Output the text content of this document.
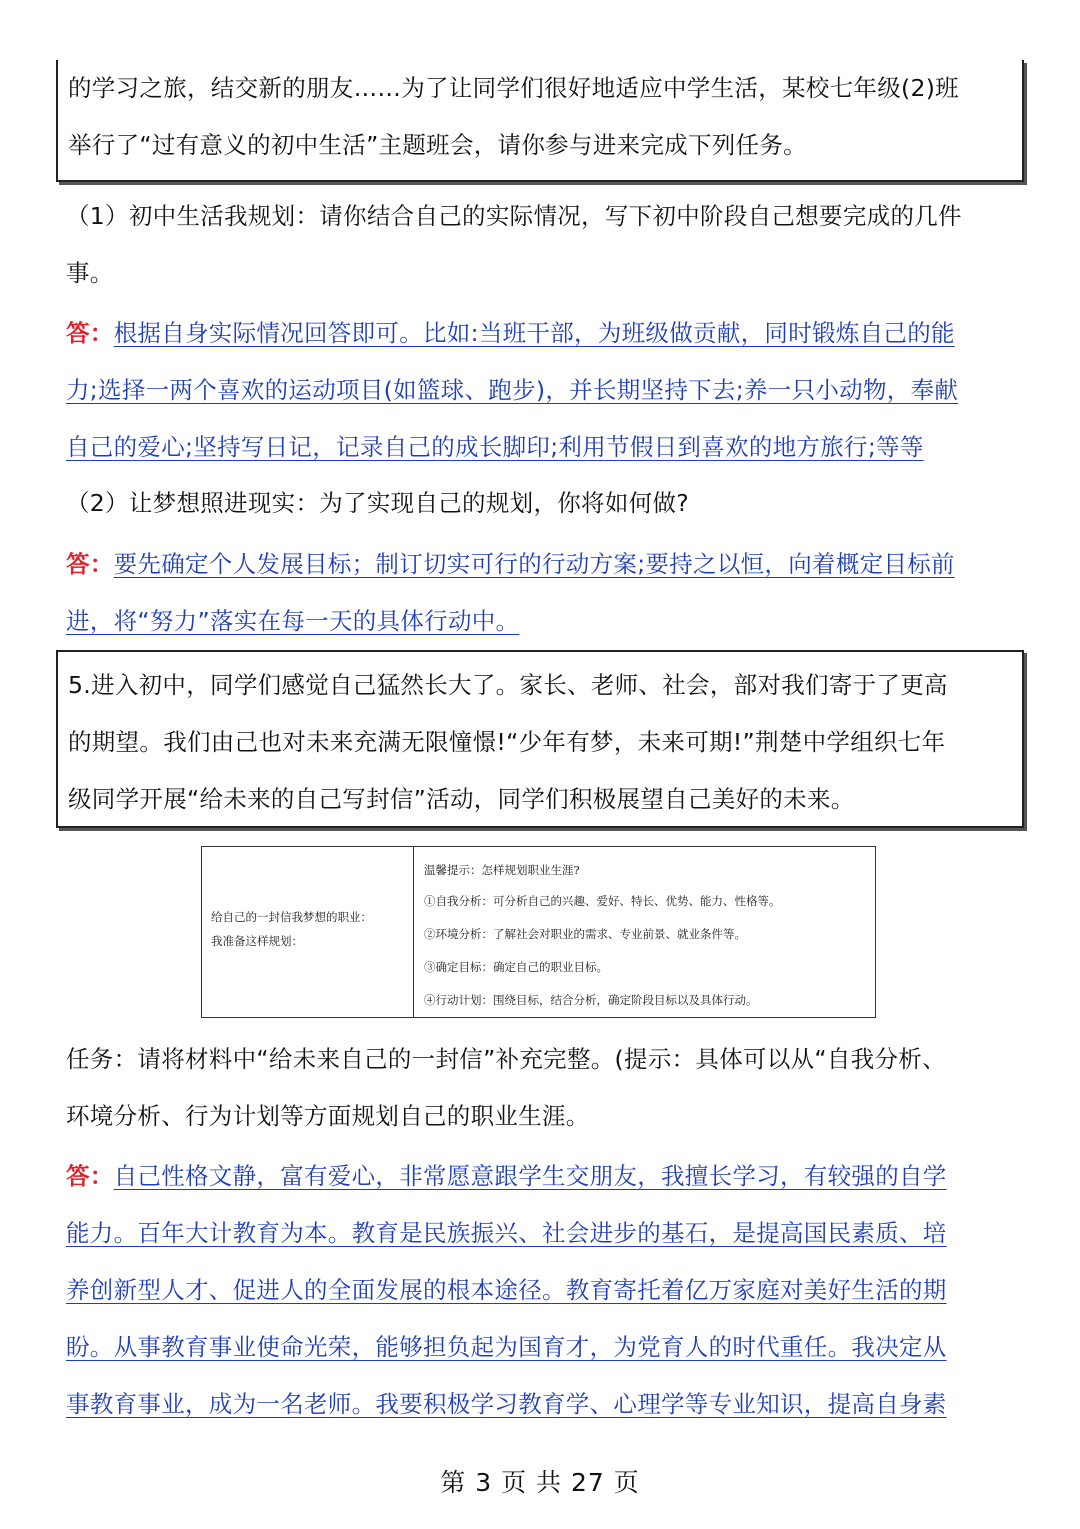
的学习之旅，结交新的朋友……为了让同学们很好地适应中学生活，某校七年级(2)班
举行了“过有意义的初中生活”主题班会，请你参与进来完成下列任务。
（1）初中生活我规划：请你结合自己的实际情况，写下初中阶段自己想要完成的几件
事。
答：根据自身实际情况回答即可。比如:当班干部，为班级做贡献，同时锻炼自己的能
力;选择一两个喜欢的运动项目(如篮球、跑步)，并长期坚持下去;养一只小动物，奉献
自己的爱心;坚持写日记，记录自己的成长脚印;利用节假日到喜欢的地方旅行;等等
（2）让梦想照进现实：为了实现自己的规划，你将如何做?
答：要先确定个人发展目标；制订切实可行的行动方案;要持之以恒，向着概定目标前
进，将“努力”落实在每一天的具体行动中。
5.进入初中，同学们感觉自己猛然长大了。家长、老师、社会，部对我们寄于了更高
的期望。我们由己也对未来充满无限憧憬!“少年有梦，未来可期!”荆楚中学组织七年
级同学开展“给未来的自己写封信”活动，同学们积极展望自己美好的未来。
给自己的一封信我梦想的职业：
我准备这样规划：
温馨提示：怎样规划职业生涯?
①自我分析：可分析自己的兴趣、爱好、特长、优势、能力、性格等。
②环境分析：了解社会对职业的需求、专业前景、就业条件等。
③确定目标：确定自己的职业目标。
④行动计划：围绕目标，结合分析，确定阶段目标以及具体行动。
任务：请将材料中“给未来自己的一封信”补充完整。(提示：具体可以从“自我分析、
环境分析、行为计划等方面规划自己的职业生涯。
答：自己性格文静，富有爱心，非常愿意跟学生交朋友，我擅长学习，有较强的自学
能力。百年大计教育为本。教育是民族振兴、社会进步的基石，是提高国民素质、培
养创新型人才、促进人的全面发展的根本途径。教育寄托着亿万家庭对美好生活的期
盼。从事教育事业使命光荣，能够担负起为国育才，为党育人的时代重任。我决定从
事教育事业，成为一名老师。我要积极学习教育学、心理学等专业知识，提高自身素
第 3 页 共 27 页
